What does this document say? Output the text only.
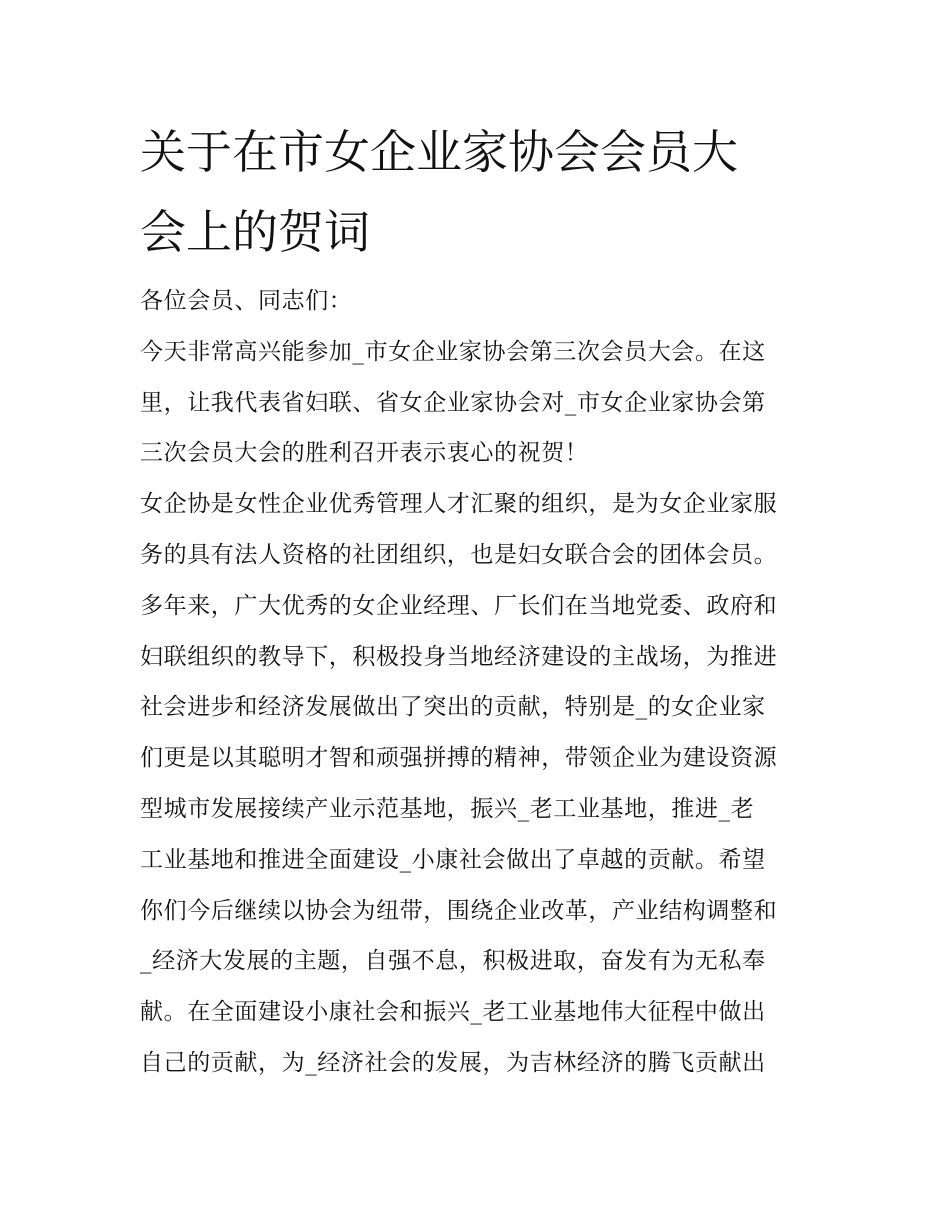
关于在市女企业家协会会员大
会上的贺词
各位会员、同志们：
今天非常高兴能参加_市女企业家协会第三次会员大会。在这
里，让我代表省妇联、省女企业家协会对_市女企业家协会第
三次会员大会的胜利召开表示衷心的祝贺！
女企协是女性企业优秀管理人才汇聚的组织，是为女企业家服
务的具有法人资格的社团组织，也是妇女联合会的团体会员。
多年来，广大优秀的女企业经理、厂长们在当地党委、政府和
妇联组织的教导下，积极投身当地经济建设的主战场，为推进
社会进步和经济发展做出了突出的贡献，特别是_的女企业家
们更是以其聪明才智和顽强拼搏的精神，带领企业为建设资源
型城市发展接续产业示范基地，振兴_老工业基地，推进_老
工业基地和推进全面建设_小康社会做出了卓越的贡献。希望
你们今后继续以协会为纽带，围绕企业改革，产业结构调整和
_经济大发展的主题，自强不息，积极进取，奋发有为无私奉
献。在全面建设小康社会和振兴_老工业基地伟大征程中做出
自己的贡献，为_经济社会的发展，为吉林经济的腾飞贡献出
